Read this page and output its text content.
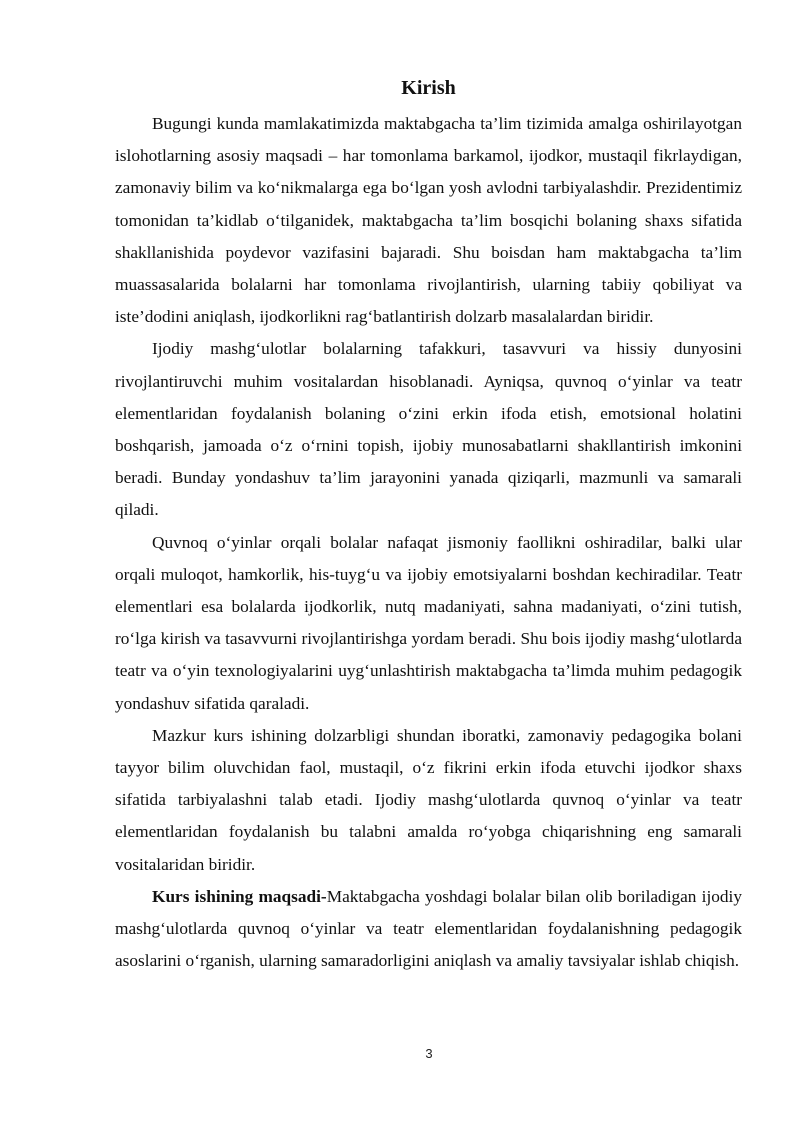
Kirish

Bugungi kunda mamlakatimizda maktabgacha ta’lim tizimida amalga oshirilayotgan islohotlarning asosiy maqsadi – har tomonlama barkamol, ijodkor, mustaqil fikrlaydigan, zamonaviy bilim va ko‘nikmalarga ega bo‘lgan yosh avlodni tarbiyalashdir. Prezidentimiz tomonidan ta’kidlab o‘tilganidek, maktabgacha ta’lim bosqichi bolaning shaxs sifatida shakllanishida poydevor vazifasini bajaradi. Shu boisdan ham maktabgacha ta’lim muassasalarida bolalarni har tomonlama rivojlantirish, ularning tabiiy qobiliyat va iste’dodini aniqlash, ijodkorlikni rag‘batlantirish dolzarb masalalardan biridir.

Ijodiy mashg‘ulotlar bolalarning tafakkuri, tasavvuri va hissiy dunyosini rivojlantiruvchi muhim vositalardan hisoblanadi. Ayniqsa, quvnoq o‘yinlar va teatr elementlaridan foydalanish bolaning o‘zini erkin ifoda etish, emotsional holatini boshqarish, jamoada o‘z o‘rnini topish, ijobiy munosabatlarni shakllantirish imkonini beradi. Bunday yondashuv ta’lim jarayonini yanada qiziqarli, mazmunli va samarali qiladi.

Quvnoq o‘yinlar orqali bolalar nafaqat jismoniy faollikni oshiradilar, balki ular orqali muloqot, hamkorlik, his-tuyg‘u va ijobiy emotsiyalarni boshdan kechiradilar. Teatr elementlari esa bolalarda ijodkorlik, nutq madaniyati, sahna madaniyati, o‘zini tutish, ro‘lga kirish va tasavvurni rivojlantirishga yordam beradi. Shu bois ijodiy mashg‘ulotlarda teatr va o‘yin texnologiyalarini uyg‘unlashtirish maktabgacha ta’limda muhim pedagogik yondashuv sifatida qaraladi.

Mazkur kurs ishining dolzarbligi shundan iboratki, zamonaviy pedagogika bolani tayyor bilim oluvchidan faol, mustaqil, o‘z fikrini erkin ifoda etuvchi ijodkor shaxs sifatida tarbiyalashni talab etadi. Ijodiy mashg‘ulotlarda quvnoq o‘yinlar va teatr elementlaridan foydalanish bu talabni amalda ro‘yobga chiqarishning eng samarali vositalaridan biridir.

Kurs ishining maqsadi-Maktabgacha yoshdagi bolalar bilan olib boriladigan ijodiy mashg‘ulotlarda quvnoq o‘yinlar va teatr elementlaridan foydalanishning pedagogik asoslarini o‘rganish, ularning samaradorligini aniqlash va amaliy tavsiyalar ishlab chiqish.

3
